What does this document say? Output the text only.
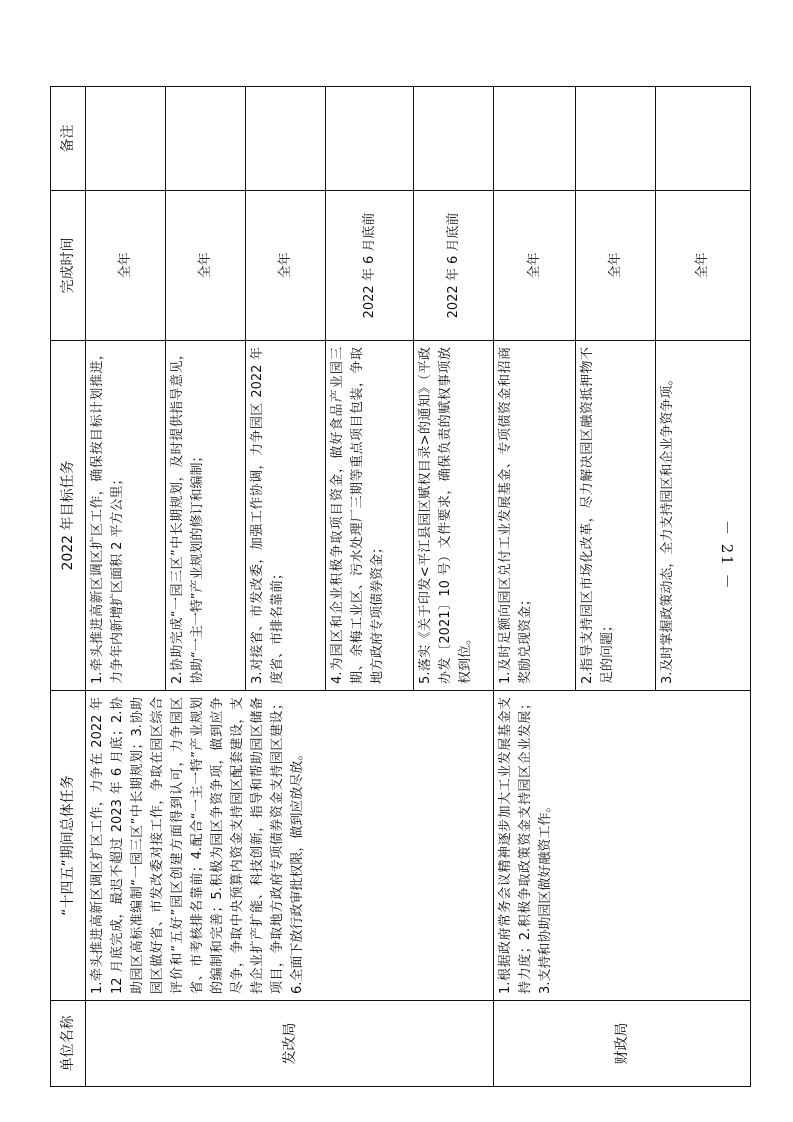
单位名称	“十四五”期间总体任务	2022 年目标任务	完成时间	备注
发改局	1.牵头推进高新区调区扩区工作，力争在 2022 年 12 月底完成，最迟不超过 2023 年 6 月底；2.协助园区高标准编制“一园三区”中长期规划；3.协助园区做好省、市发改委对接工作，争取在园区综合评价和“五好”园区创建方面得到认可，力争园区省、市考核排名靠前；4.配合“一主一特”产业规划的编制和完善；5.积极为园区争资争项，做到应争尽争，争取中央预算内资金支持园区配套建设，支持企业扩产扩能、科技创新，指导和帮助园区储备项目，争取地方政府专项债券资金支持园区建设；6.全面下放行政审批权限，做到应放尽放。	1.牵头推进高新区调区扩区工作，确保按目标计划推进，力争年内新增扩区面积 2 平方公里；	全年	
		2.协助完成“一园三区”中长期规划，及时提供指导意见，协助“一主一特”产业规划的修订和编制；	全年	
		3.对接省、市发改委，加强工作协调，力争园区 2022 年度省、市排名靠前；	全年	
		4.为园区和企业积极争取项目资金，做好食品产业园三期、余梅工业区、污水处理厂三期等重点项目包装，争取地方政府专项债券资金；	2022 年 6 月底前	
		5.落实《关于印发<平江县园区赋权目录>的通知》（平政办发〔2021〕10 号）文件要求，确保负责的赋权事项放权到位。	2022 年 6 月底前	
财政局	1.根据政府常务会议精神逐步加大工业发展基金支持力度；2.积极争取政策资金支持园区企业发展；3.支持和协助园区做好融资工作。	1.及时足额向园区兑付工业发展基金、专项债资金和招商奖励兑现资金；	全年	
		2.指导支持园区市场化改革，尽力解决园区融资抵押物不足的问题；	全年	
		3.及时掌握政策动态，全力支持园区和企业争资争项。	全年	
－ 21 －
